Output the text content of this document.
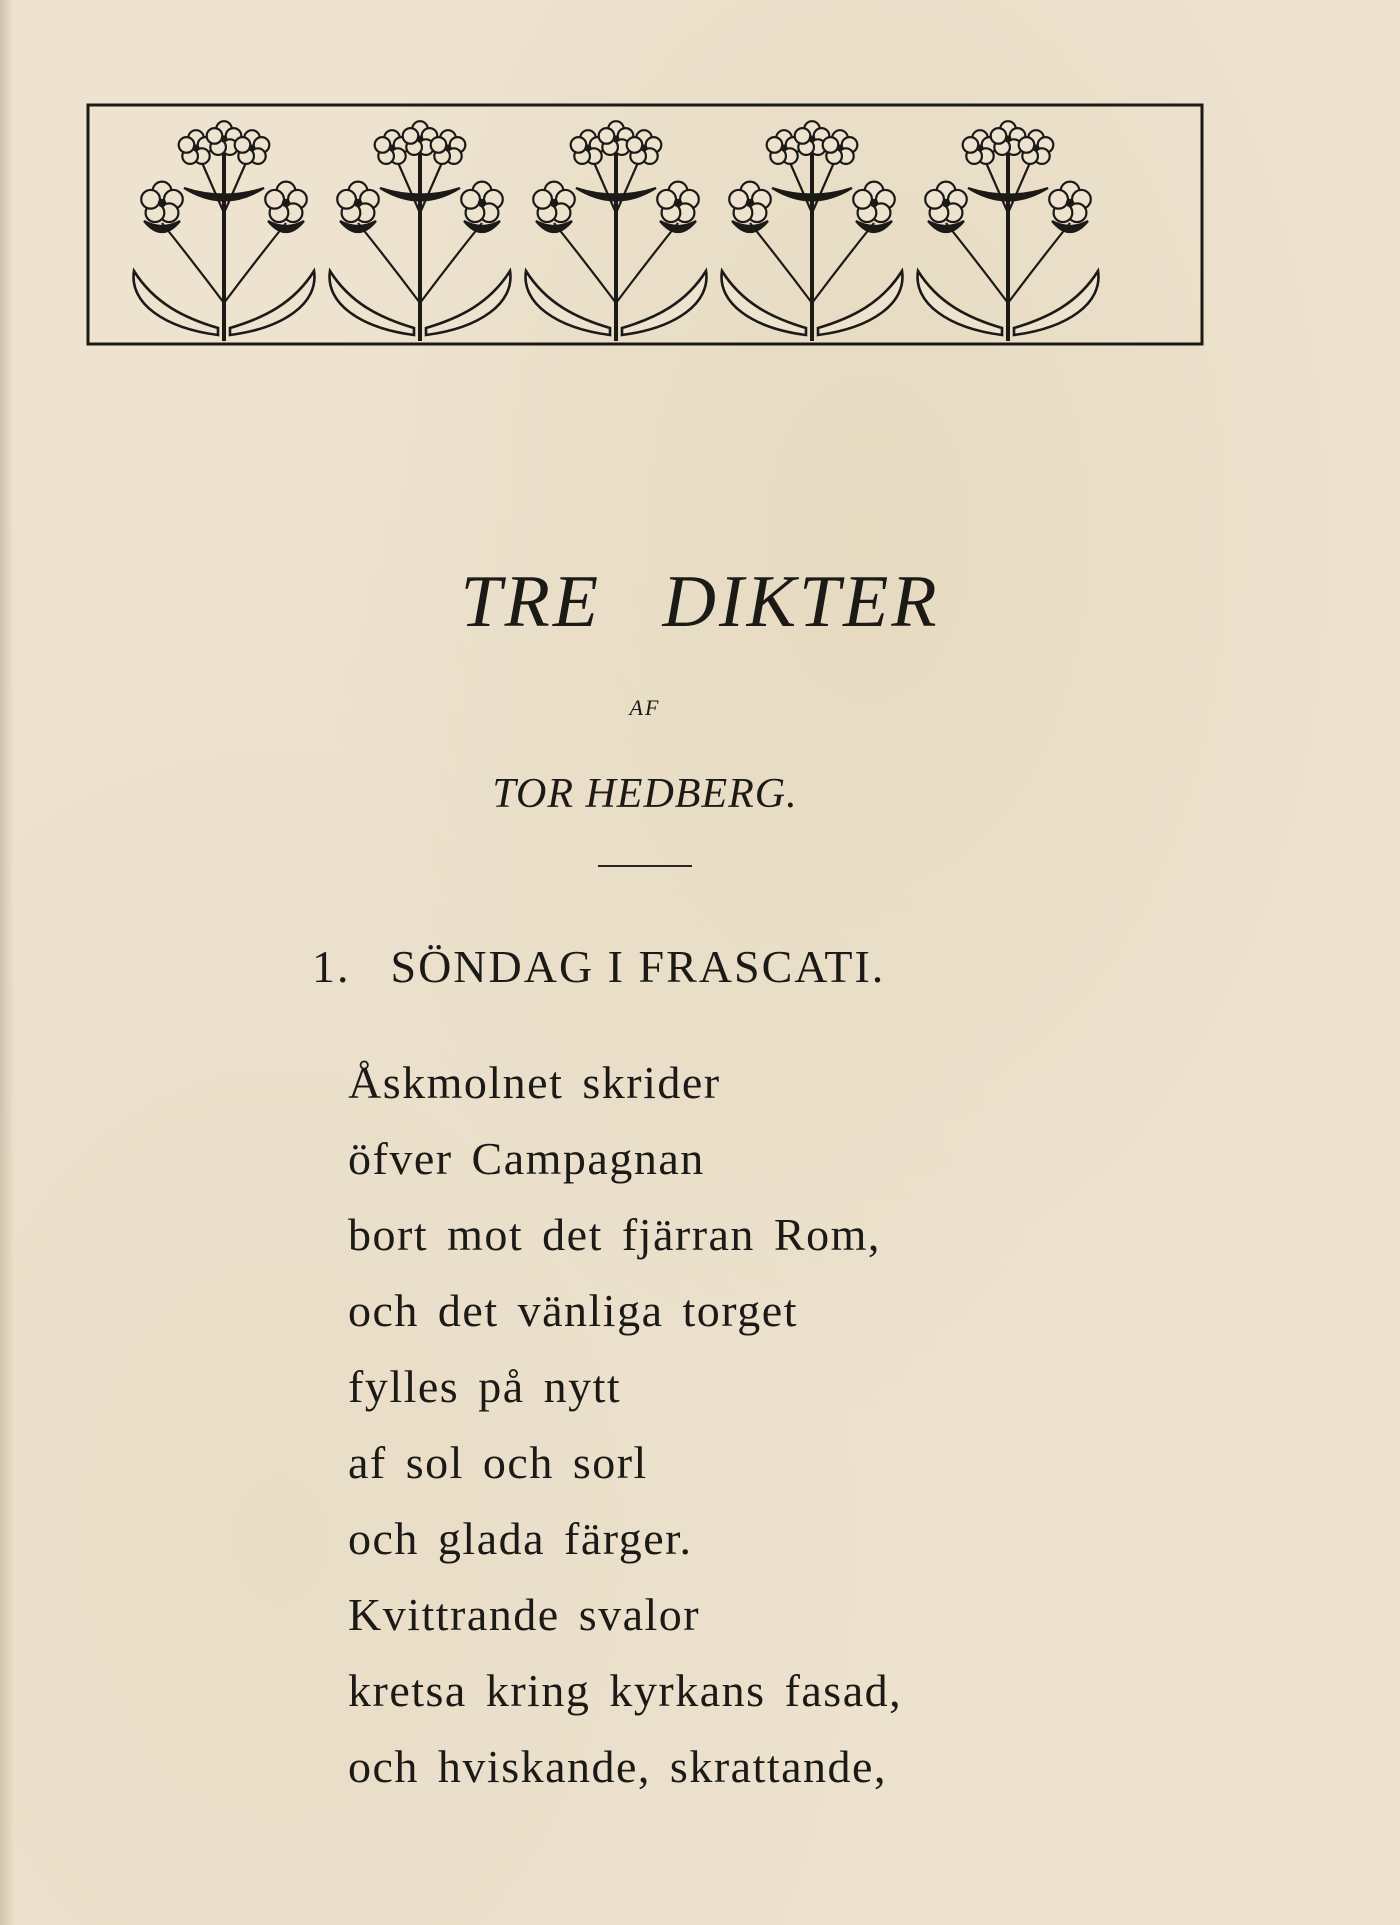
TRE DIKTER
AF
TOR HEDBERG.
1. SÖNDAG I FRASCATI.
Åskmolnet skrider
öfver Campagnan
bort mot det fjärran Rom,
och det vänliga torget
fylles på nytt
af sol och sorl
och glada färger.
Kvittrande svalor
kretsa kring kyrkans fasad,
och hviskande, skrattande,
